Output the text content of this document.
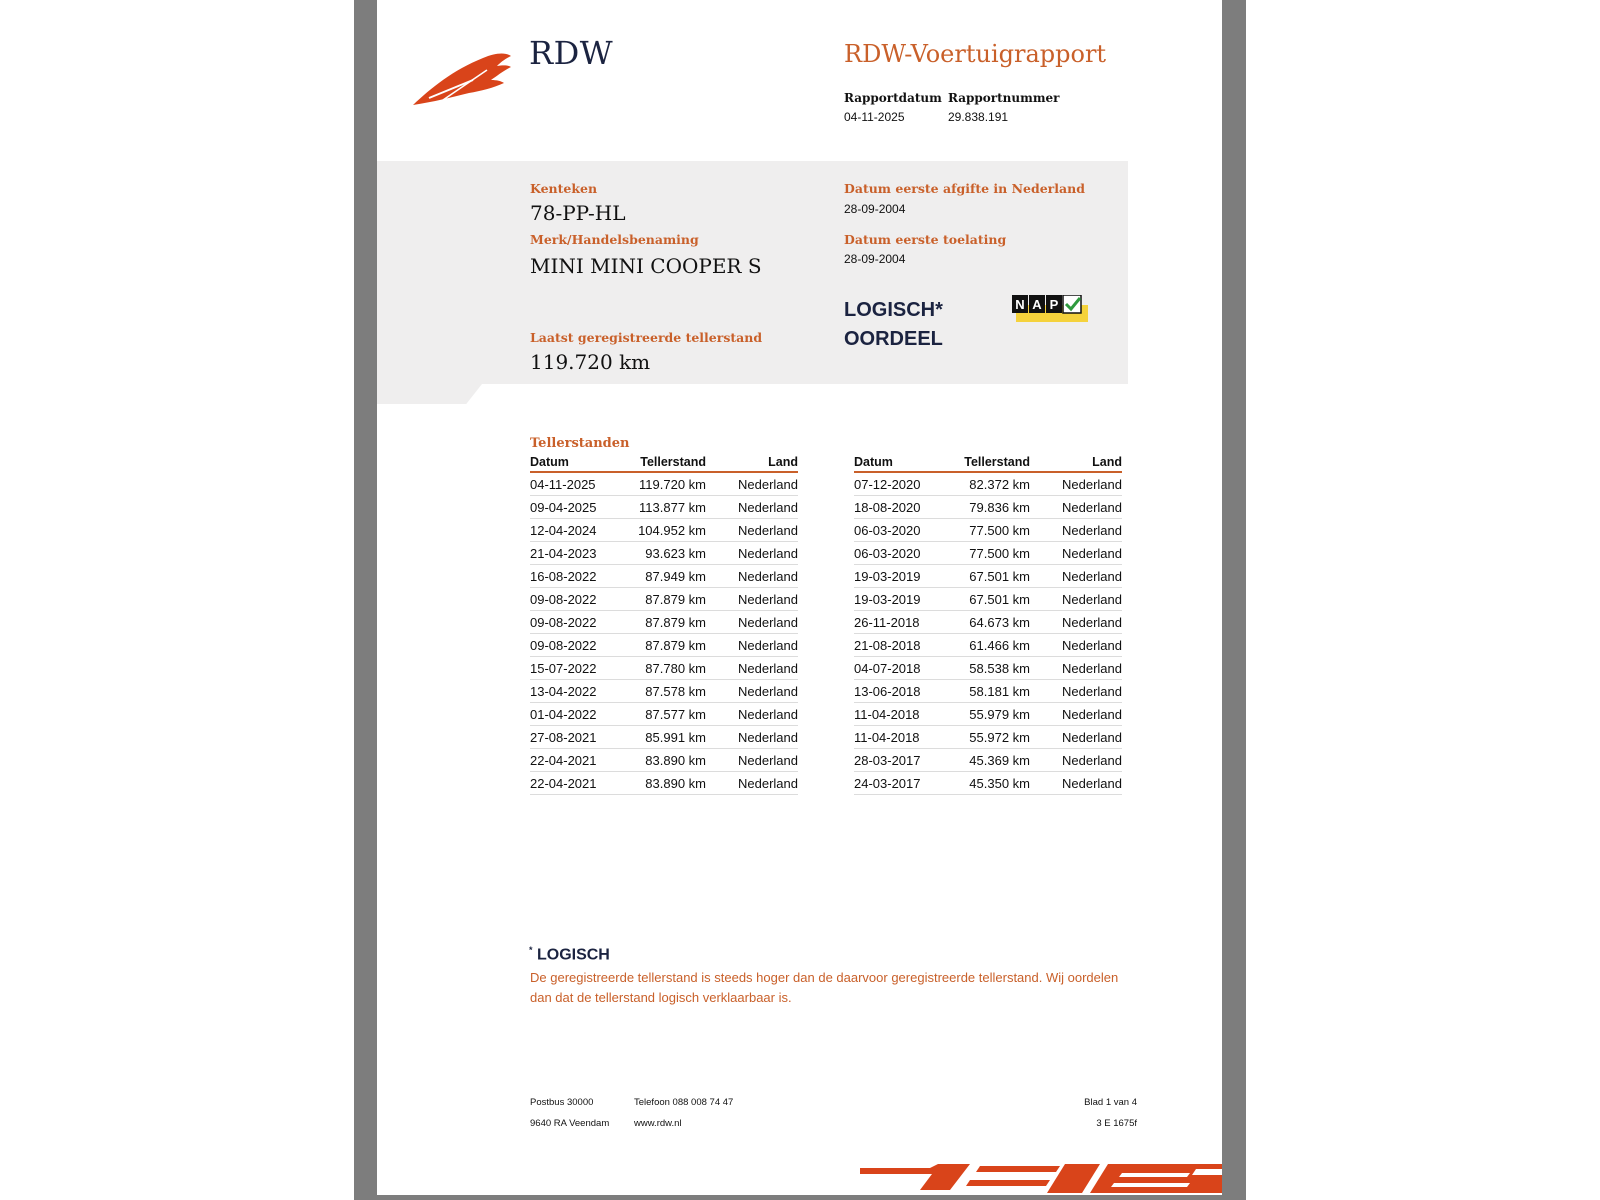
RDW	RDW-Voertuigrapport
Rapportdatum Rapportnummer
04-11-2025	29.838.191
Kenteken
78-PP-HL
Merk/Handelsbenaming
MINI MINI COOPER S
Datum eerste afgifte in Nederland
28-09-2004
Datum eerste toelating
28-09-2004
LOGISCH*
OORDEEL
N A P
Laatst geregistreerde tellerstand
119.720 km
Tellerstanden
Datum	Tellerstand	Land
04-11-2025	119.720 km	Nederland
09-04-2025	113.877 km	Nederland
12-04-2024	104.952 km	Nederland
21-04-2023	93.623 km	Nederland
16-08-2022	87.949 km	Nederland
09-08-2022	87.879 km	Nederland
09-08-2022	87.879 km	Nederland
09-08-2022	87.879 km	Nederland
15-07-2022	87.780 km	Nederland
13-04-2022	87.578 km	Nederland
01-04-2022	87.577 km	Nederland
27-08-2021	85.991 km	Nederland
22-04-2021	83.890 km	Nederland
22-04-2021	83.890 km	Nederland
Datum	Tellerstand	Land
07-12-2020	82.372 km	Nederland
18-08-2020	79.836 km	Nederland
06-03-2020	77.500 km	Nederland
06-03-2020	77.500 km	Nederland
19-03-2019	67.501 km	Nederland
19-03-2019	67.501 km	Nederland
26-11-2018	64.673 km	Nederland
21-08-2018	61.466 km	Nederland
04-07-2018	58.538 km	Nederland
13-06-2018	58.181 km	Nederland
11-04-2018	55.979 km	Nederland
11-04-2018	55.972 km	Nederland
28-03-2017	45.369 km	Nederland
24-03-2017	45.350 km	Nederland
* LOGISCH
De geregistreerde tellerstand is steeds hoger dan de daarvoor geregistreerde tellerstand. Wij oordelen dan dat de tellerstand logisch verklaarbaar is.
Postbus 30000
9640 RA Veendam
Telefoon 088 008 74 47
www.rdw.nl
Blad 1 van 4
3 E 1675f
